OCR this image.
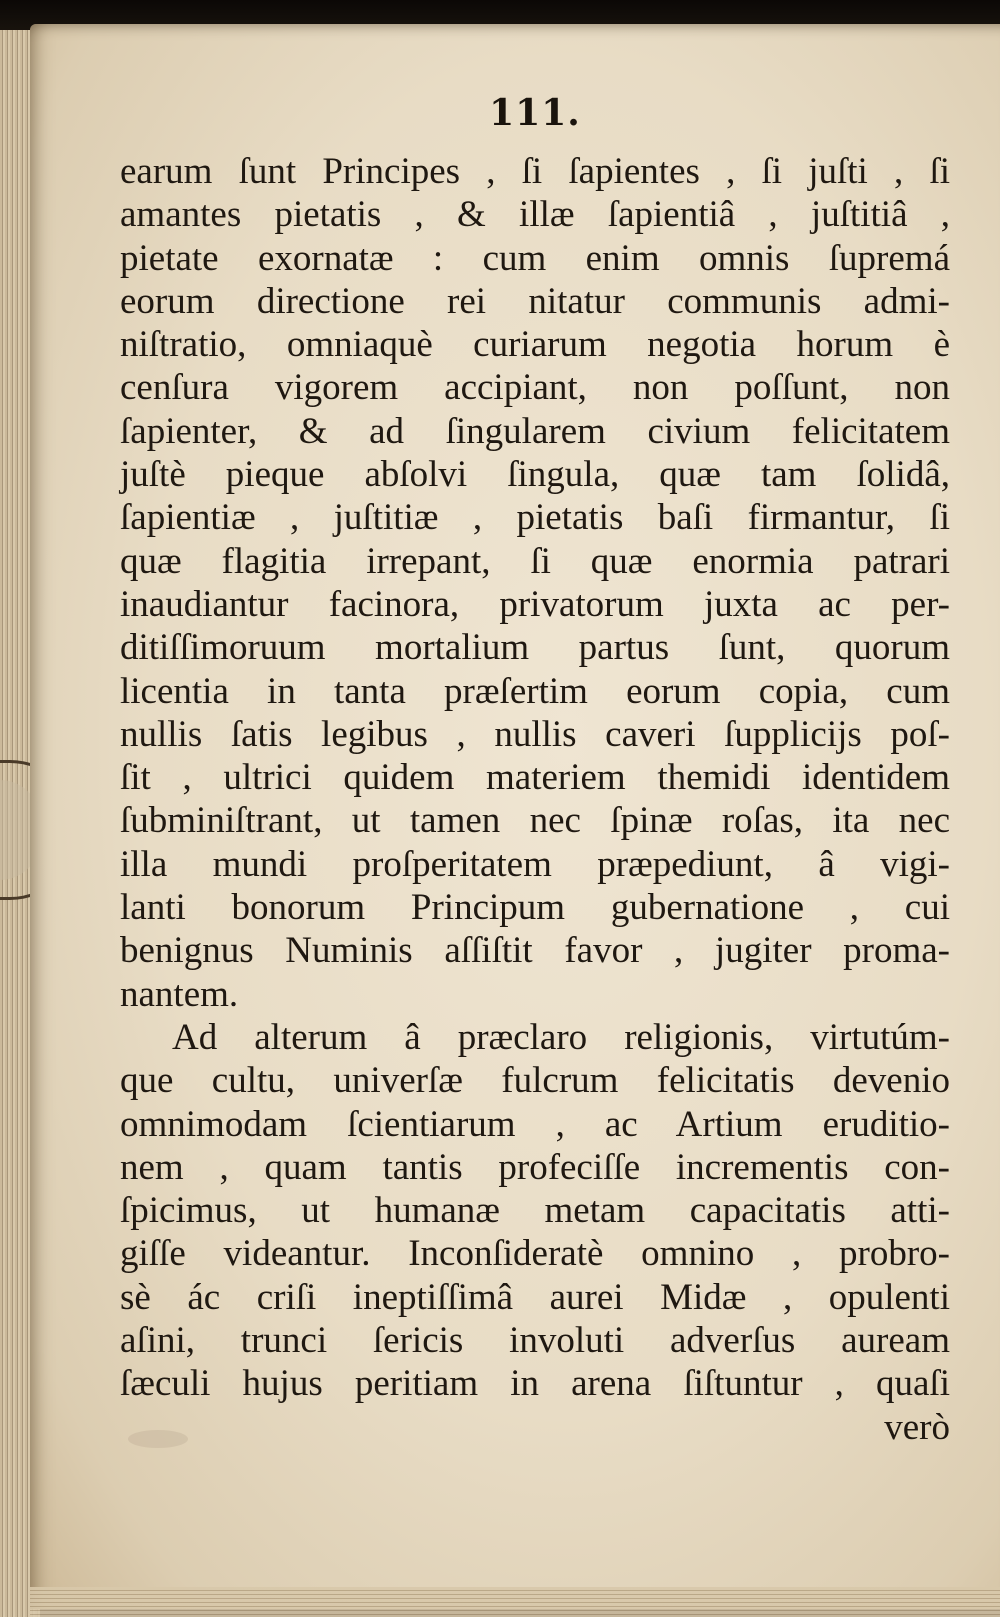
111.
earum ſunt Principes , ſi ſapientes , ſi juſti , ſi
amantes pietatis , & illæ ſapientiâ , juſtitiâ ,
pietate exornatæ : cum enim omnis ſupremá
eorum directione rei nitatur communis admi-
niſtratio, omniaquè curiarum negotia horum è
cenſura vigorem accipiant, non poſſunt, non
ſapienter, & ad ſingularem civium felicitatem
juſtè pieque abſolvi ſingula, quæ tam ſolidâ,
ſapientiæ , juſtitiæ , pietatis baſi firmantur, ſi
quæ flagitia irrepant, ſi quæ enormia patrari
inaudiantur facinora, privatorum juxta ac per-
ditiſſimoruum mortalium partus ſunt, quorum
licentia in tanta præſertim eorum copia, cum
nullis ſatis legibus , nullis caveri ſupplicijs poſ-
ſit , ultrici quidem materiem themidi identidem
ſubminiſtrant, ut tamen nec ſpinæ roſas, ita nec
illa mundi proſperitatem præpediunt, â vigi-
lanti bonorum Principum gubernatione , cui
benignus Numinis aſſiſtit favor , jugiter proma-
nantem.
Ad alterum â præclaro religionis, virtutúm-
que cultu, univerſæ fulcrum felicitatis devenio
omnimodam ſcientiarum , ac Artium eruditio-
nem , quam tantis profeciſſe incrementis con-
ſpicimus, ut humanæ metam capacitatis atti-
giſſe videantur. Inconſideratè omnino , probro-
sè ác criſi ineptiſſimâ aurei Midæ , opulenti
aſini, trunci ſericis involuti adverſus auream
ſæculi hujus peritiam in arena ſiſtuntur , quaſi
verò
